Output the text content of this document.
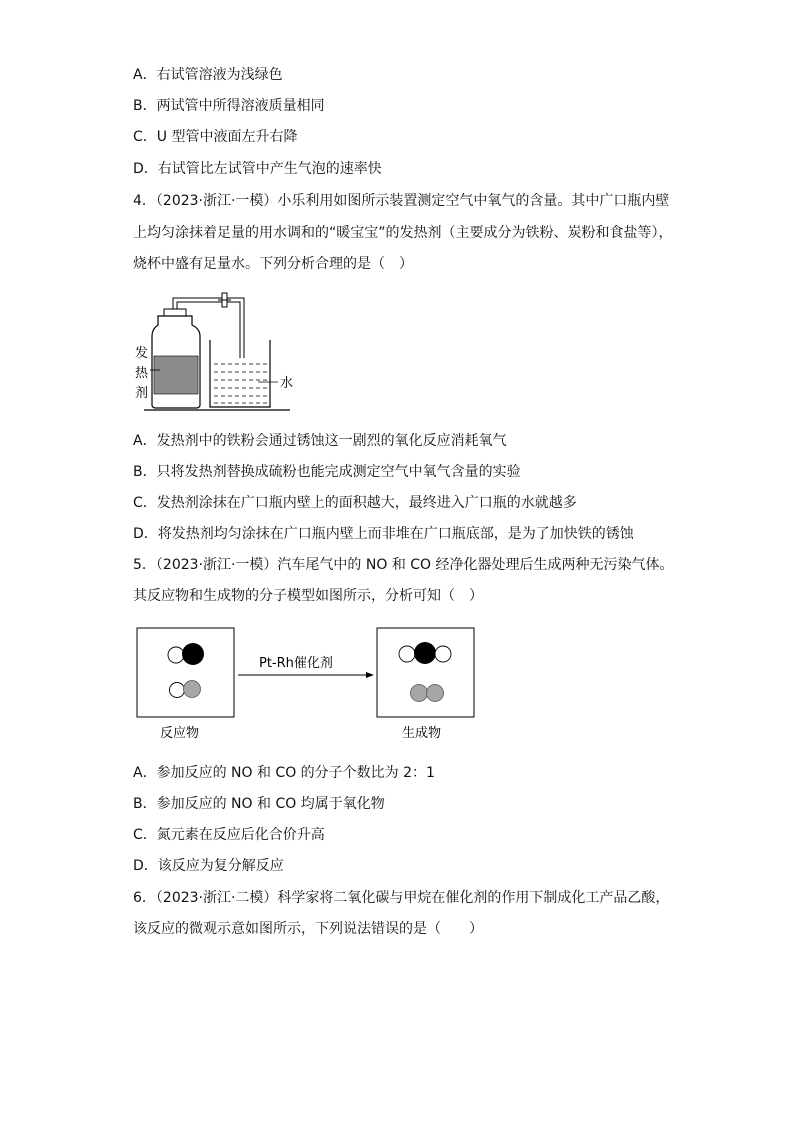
A．右试管溶液为浅绿色
B．两试管中所得溶液质量相同
C．U 型管中液面左升右降
D．右试管比左试管中产生气泡的速率快
4．（2023·浙江·一模）小乐利用如图所示装置测定空气中氧气的含量。其中广口瓶内壁
上均匀涂抹着足量的用水调和的“暖宝宝”的发热剂（主要成分为铁粉、炭粉和食盐等），
烧杯中盛有足量水。下列分析合理的是（　）
发
热
剂
水
A．发热剂中的铁粉会通过锈蚀这一剧烈的氧化反应消耗氧气
B．只将发热剂替换成硫粉也能完成测定空气中氧气含量的实验
C．发热剂涂抹在广口瓶内壁上的面积越大，最终进入广口瓶的水就越多
D．将发热剂均匀涂抹在广口瓶内壁上而非堆在广口瓶底部，是为了加快铁的锈蚀
5．（2023·浙江·一模）汽车尾气中的 NO 和 CO 经净化器处理后生成两种无污染气体。
其反应物和生成物的分子模型如图所示，分析可知（　）
Pt-Rh催化剂
反应物	生成物
A．参加反应的 NO 和 CO 的分子个数比为 2：1
B．参加反应的 NO 和 CO 均属于氧化物
C．氮元素在反应后化合价升高
D．该反应为复分解反应
6．（2023·浙江·二模）科学家将二氧化碳与甲烷在催化剂的作用下制成化工产品乙酸，
该反应的微观示意如图所示，下列说法错误的是（　　）
